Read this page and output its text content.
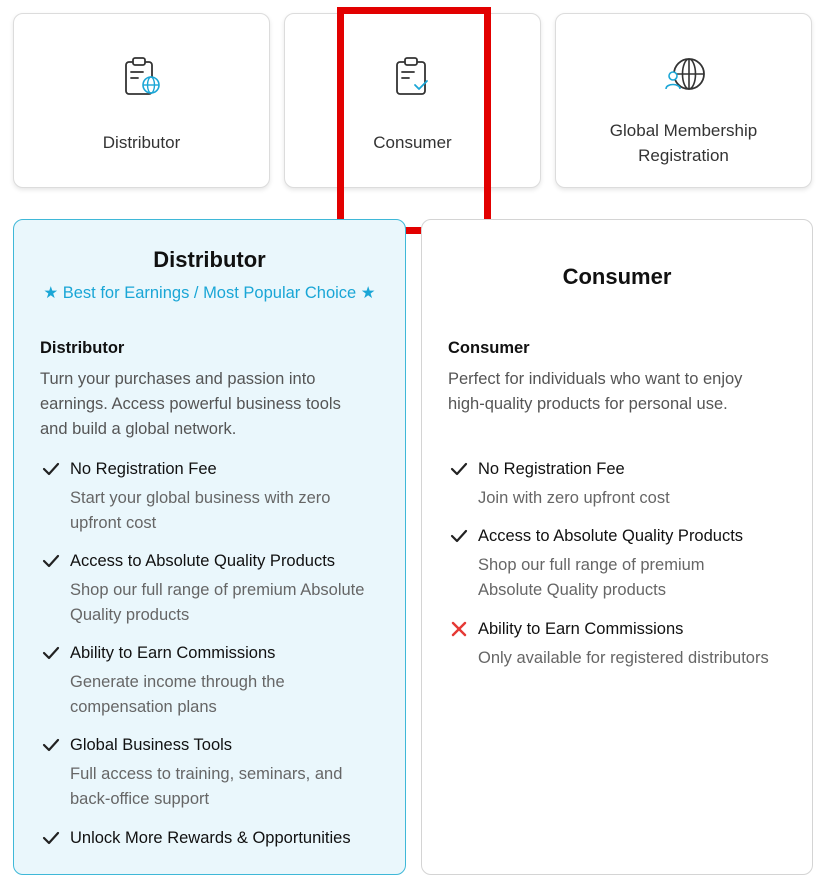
Distributor	Consumer
Global Membership Registration
Distributor
★ Best for Earnings / Most Popular Choice ★
Distributor
Turn your purchases and passion into earnings. Access powerful business tools and build a global network.
No Registration Fee
Start your global business with zero upfront cost
Access to Absolute Quality Products
Shop our full range of premium Absolute Quality products
Ability to Earn Commissions
Generate income through the compensation plans
Global Business Tools
Full access to training, seminars, and back-office support
Unlock More Rewards & Opportunities
Consumer
Consumer
Perfect for individuals who want to enjoy high-quality products for personal use.
No Registration Fee
Join with zero upfront cost
Access to Absolute Quality Products
Shop our full range of premium Absolute Quality products
Ability to Earn Commissions
Only available for registered distributors
